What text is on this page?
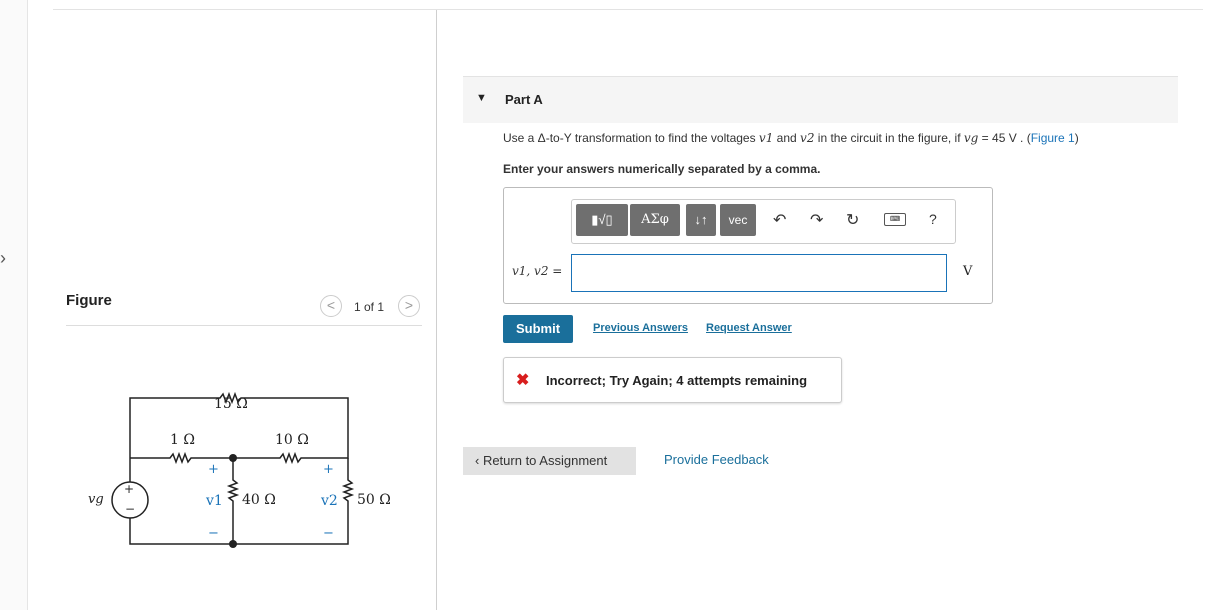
›
Figure	<	1 of 1	>
+
−
vg
15 Ω
1 Ω	10 Ω
40 Ω	50 Ω
+
v1
−
+
v2
−
▼ Part A
Use a Δ-to-Y transformation to find the voltages v1 and v2 in the circuit in the figure, if vg = 45 V . (Figure 1)
Enter your answers numerically separated by a comma.
▮√▯	ΑΣφ	↓↑	vec	↶ ↷ ↻	⌨	?
v1, v2 =	V
Submit	Previous Answers Request Answer
✖ Incorrect; Try Again; 4 attempts remaining
‹ Return to Assignment	Provide Feedback
